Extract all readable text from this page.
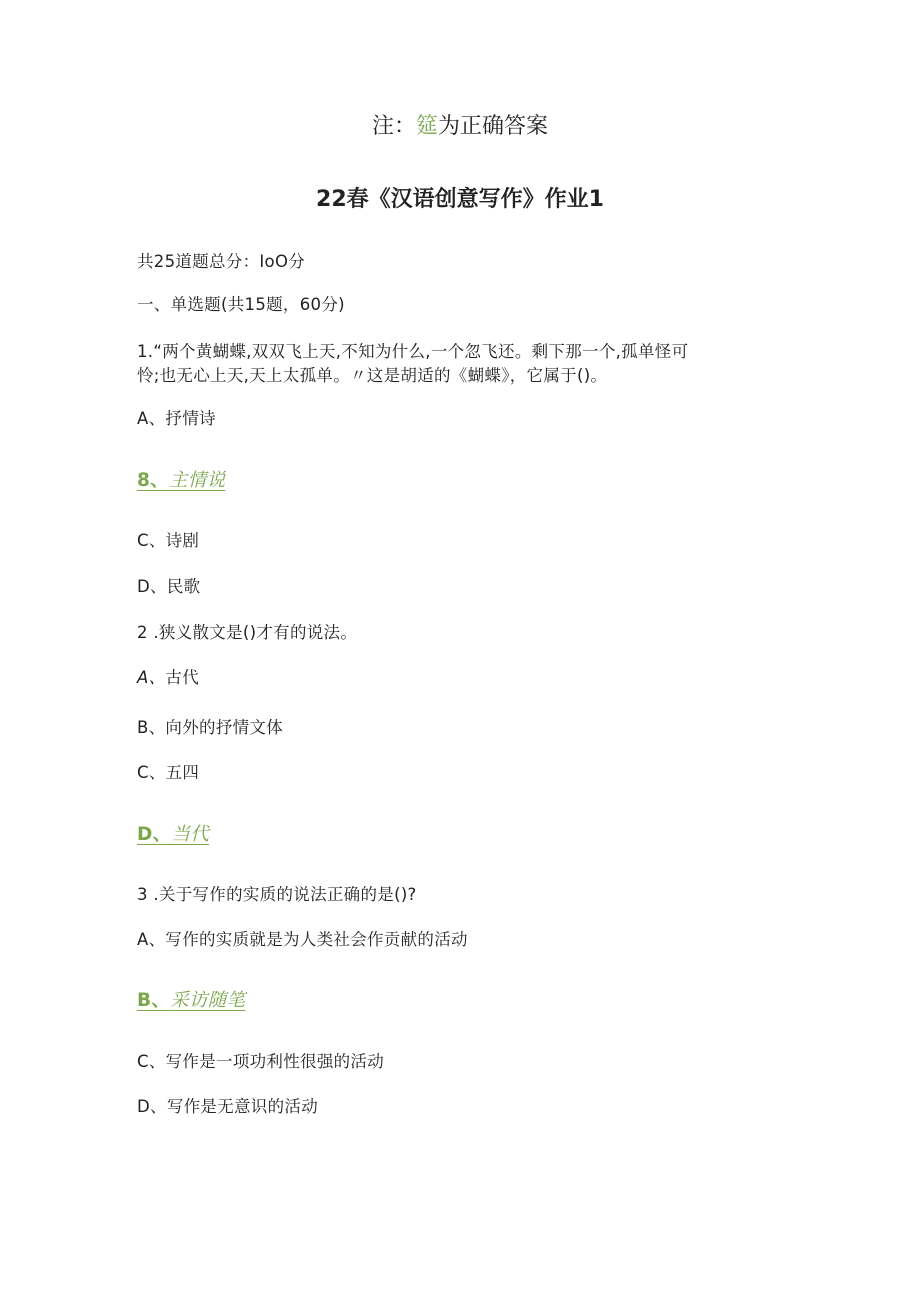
注：筵为正确答案
22春《汉语创意写作》作业1
共25道题总分：IoO分
一、单选题(共15题，60分)
1.“两个黄蝴蝶,双双飞上天,不知为什么,一个忽飞还。剩下那一个,孤单怪可
怜;也无心上天,天上太孤单。〃这是胡适的《蝴蝶》，它属于()。
A、抒情诗
8、主情说
C、诗剧
D、民歌
2 .狭义散文是()才有的说法。
A、古代
B、向外的抒情文体
C、五四
D、当代
3 .关于写作的实质的说法正确的是()?
A、写作的实质就是为人类社会作贡献的活动
B、采访随笔
C、写作是一项功利性很强的活动
D、写作是无意识的活动
